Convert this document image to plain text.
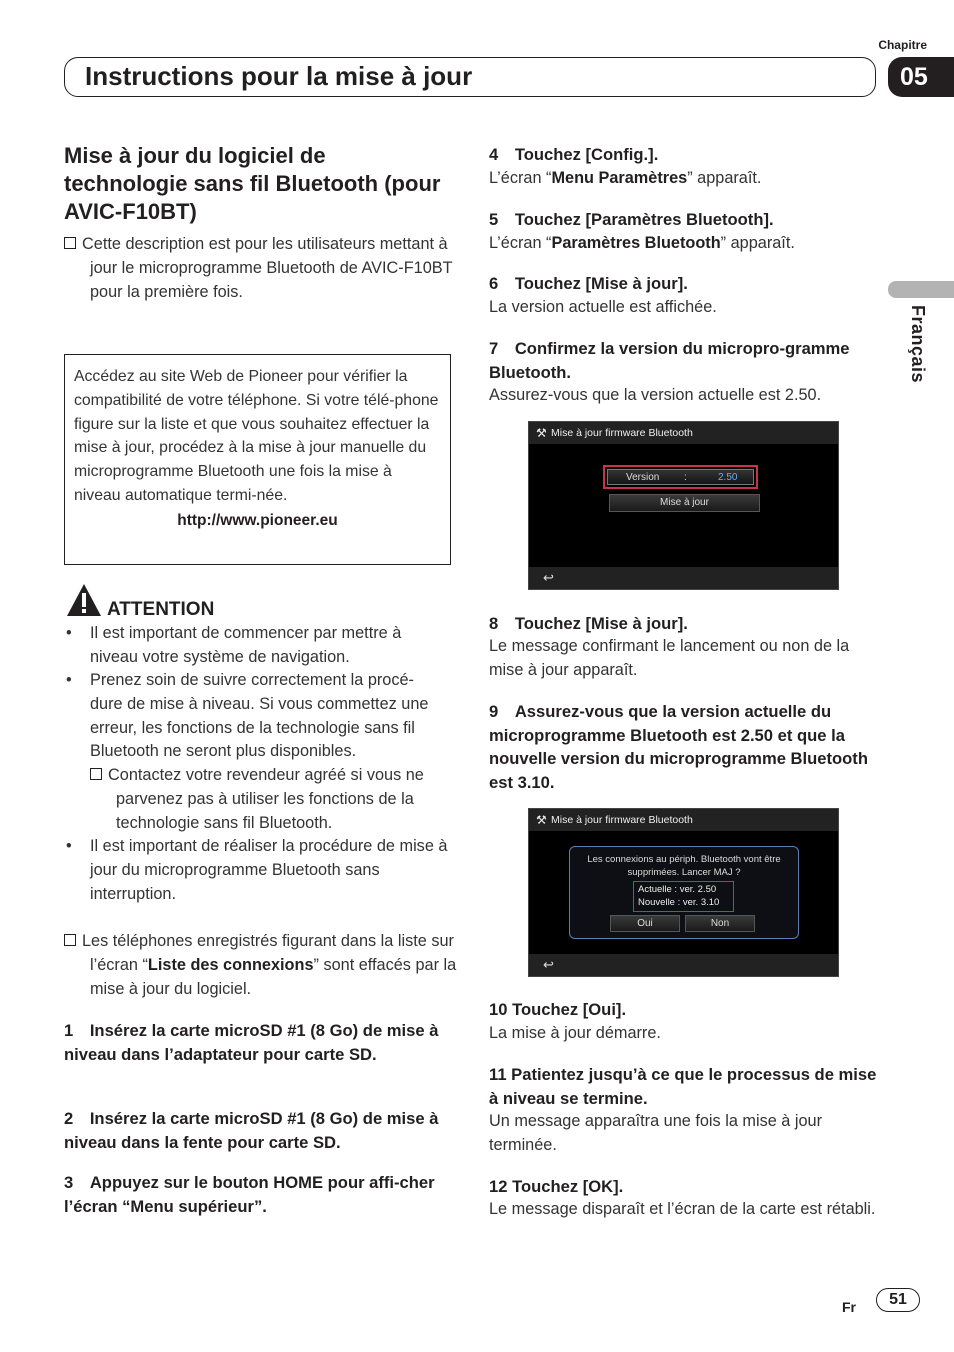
Chapitre
Instructions pour la mise à jour	05
Français
Mise à jour du logiciel de technologie sans fil Bluetooth (pour AVIC-F10BT)
Cette description est pour les utilisateurs mettant à jour le microprogramme Bluetooth de AVIC-F10BT pour la première fois.
Accédez au site Web de Pioneer pour vérifier la compatibilité de votre téléphone. Si votre télé-phone figure sur la liste et que vous souhaitez effectuer la mise à jour, procédez à la mise à jour manuelle du microprogramme Bluetooth une fois la mise à niveau automatique termi-née.
http://www.pioneer.eu
ATTENTION
• Il est important de commencer par mettre à niveau votre système de navigation.
• Prenez soin de suivre correctement la procé-dure de mise à niveau. Si vous commettez une erreur, les fonctions de la technologie sans fil Bluetooth ne seront plus disponibles.
Contactez votre revendeur agréé si vous ne parvenez pas à utiliser les fonctions de la technologie sans fil Bluetooth.
• Il est important de réaliser la procédure de mise à jour du microprogramme Bluetooth sans interruption.
Les téléphones enregistrés figurant dans la liste sur l’écran “Liste des connexions” sont effacés par la mise à jour du logiciel.
1 Insérez la carte microSD #1 (8 Go) de mise à niveau dans l’adaptateur pour carte SD.
2 Insérez la carte microSD #1 (8 Go) de mise à niveau dans la fente pour carte SD.
3 Appuyez sur le bouton HOME pour affi-cher l’écran “Menu supérieur”.
4 Touchez [Config.].
L’écran “Menu Paramètres” apparaît.
5 Touchez [Paramètres Bluetooth].
L’écran “Paramètres Bluetooth” apparaît.
6 Touchez [Mise à jour].
La version actuelle est affichée.
7 Confirmez la version du micropro-gramme Bluetooth.
Assurez-vous que la version actuelle est 2.50.
⚒ Mise à jour firmware Bluetooth
Version :	2.50
Mise à jour
↩
8 Touchez [Mise à jour].
Le message confirmant le lancement ou non de la mise à jour apparaît.
9 Assurez-vous que la version actuelle du microprogramme Bluetooth est 2.50 et que la nouvelle version du microprogramme Bluetooth est 3.10.
⚒ Mise à jour firmware Bluetooth
Les connexions au périph. Bluetooth vont être supprimées. Lancer MAJ ?
Actuelle : ver. 2.50
Nouvelle : ver. 3.10
Oui	Non
↩
10 Touchez [Oui].
La mise à jour démarre.
11 Patientez jusqu’à ce que le processus de mise à niveau se termine.
Un message apparaîtra une fois la mise à jour terminée.
12 Touchez [OK].
Le message disparaît et l’écran de la carte est rétabli.
Fr	51
